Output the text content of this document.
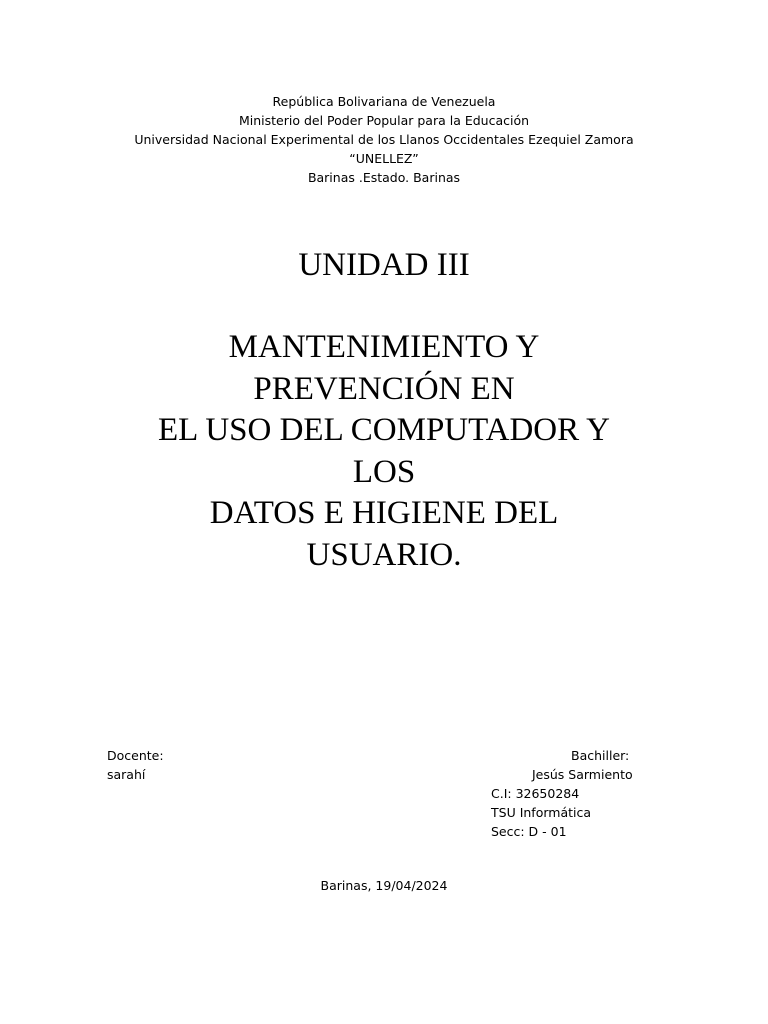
República Bolivariana de Venezuela
Ministerio del Poder Popular para la Educación
Universidad Nacional Experimental de los Llanos Occidentales Ezequiel Zamora
“UNELLEZ”
Barinas .Estado. Barinas
UNIDAD III
MANTENIMIENTO Y
PREVENCIÓN EN
EL USO DEL COMPUTADOR Y
LOS
DATOS E HIGIENE DEL
USUARIO.
Docente:
sarahí
Bachiller:
Jesús Sarmiento
C.I: 32650284
TSU Informática
Secc: D - 01
Barinas, 19/04/2024
